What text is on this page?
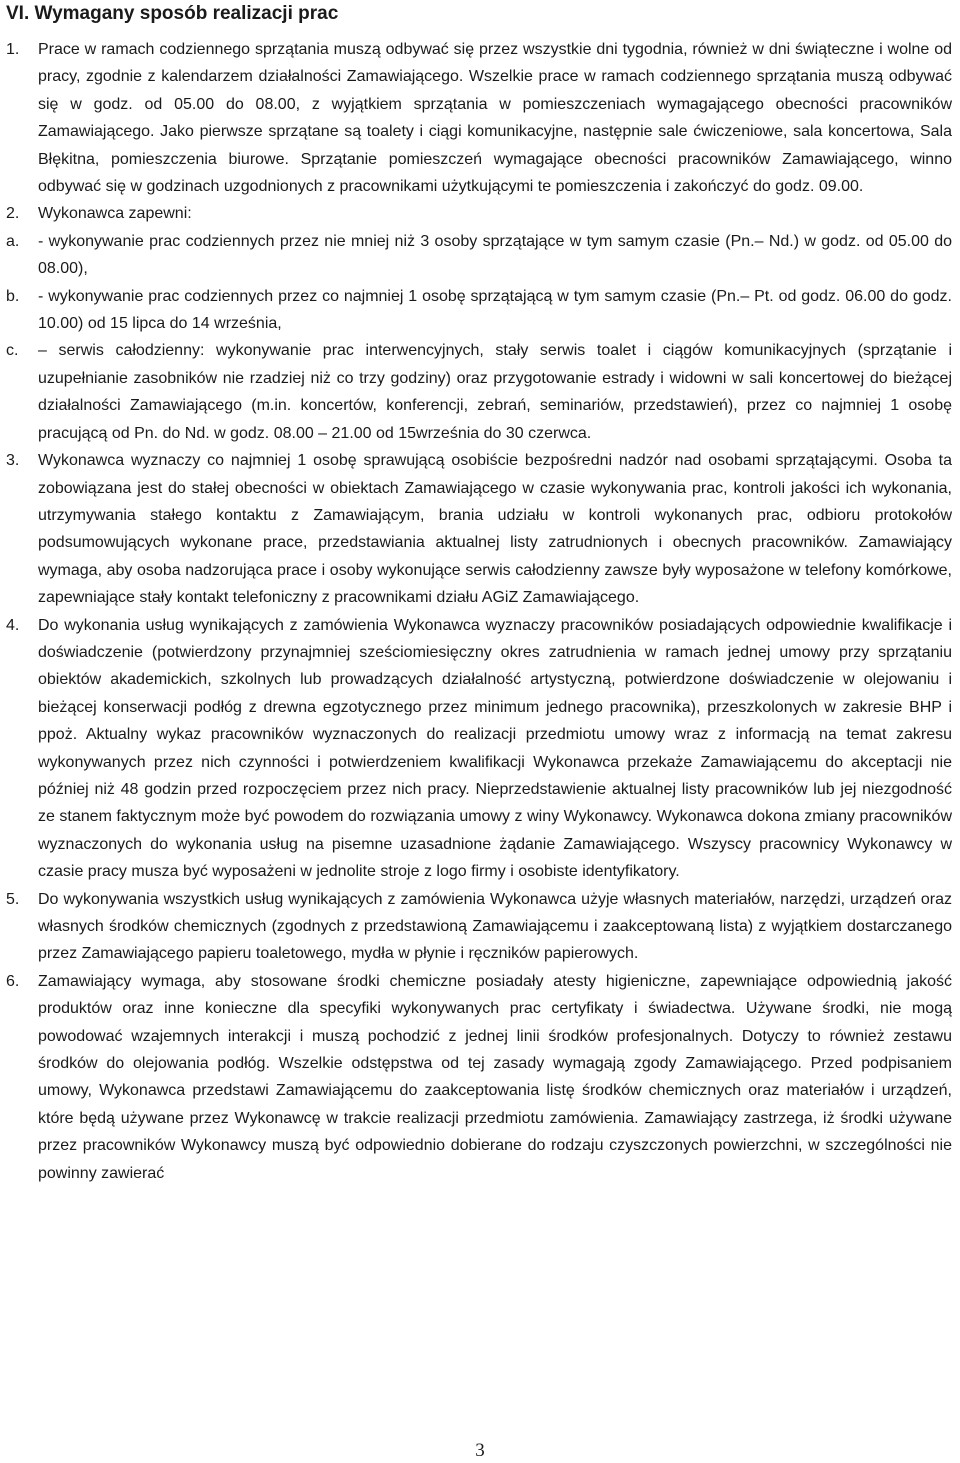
VI. Wymagany sposób realizacji prac
1.	Prace w ramach codziennego sprzątania muszą odbywać się przez wszystkie dni tygodnia, również w dni świąteczne i wolne od pracy, zgodnie z kalendarzem działalności Zamawiającego. Wszelkie prace w ramach codziennego sprzątania muszą odbywać się w godz. od 05.00 do 08.00, z wyjątkiem sprzątania w pomieszczeniach wymagającego obecności pracowników Zamawiającego. Jako pierwsze sprzątane są toalety i ciągi komunikacyjne, następnie sale ćwiczeniowe, sala koncertowa, Sala Błękitna, pomieszczenia biurowe. Sprzątanie pomieszczeń wymagające obecności pracowników Zamawiającego, winno odbywać się w godzinach uzgodnionych z pracownikami użytkującymi te pomieszczenia i zakończyć do godz. 09.00.
2.	Wykonawca zapewni:
a.	- wykonywanie prac codziennych przez nie mniej niż 3 osoby sprzątające w tym samym czasie (Pn.– Nd.) w godz. od 05.00 do 08.00),
b.	- wykonywanie prac codziennych przez co najmniej 1 osobę sprzątającą w tym samym czasie (Pn.– Pt. od godz. 06.00 do godz. 10.00) od 15 lipca do 14 września,
c.	– serwis całodzienny: wykonywanie prac interwencyjnych, stały serwis toalet i ciągów komunikacyjnych (sprzątanie i uzupełnianie zasobników nie rzadziej niż co trzy godziny) oraz przygotowanie estrady i widowni w sali koncertowej do bieżącej działalności Zamawiającego (m.in. koncertów, konferencji, zebrań, seminariów, przedstawień), przez co najmniej 1 osobę pracującą od Pn. do Nd. w godz. 08.00 – 21.00 od 15września do 30 czerwca.
3.	Wykonawca wyznaczy co najmniej 1 osobę sprawującą osobiście bezpośredni nadzór nad osobami sprzątającymi. Osoba ta zobowiązana jest do stałej obecności w obiektach Zamawiającego w czasie wykonywania prac, kontroli jakości ich wykonania, utrzymywania stałego kontaktu z Zamawiającym, brania udziału w kontroli wykonanych prac, odbioru protokołów podsumowujących wykonane prace, przedstawiania aktualnej listy zatrudnionych i obecnych pracowników. Zamawiający wymaga, aby osoba nadzorująca prace i osoby wykonujące serwis całodzienny zawsze były wyposażone w telefony komórkowe, zapewniające stały kontakt telefoniczny z pracownikami działu AGiZ Zamawiającego.
4.	Do wykonania usług wynikających z zamówienia Wykonawca wyznaczy pracowników posiadających odpowiednie kwalifikacje i doświadczenie (potwierdzony przynajmniej sześciomiesięczny okres zatrudnienia w ramach jednej umowy przy sprzątaniu obiektów akademickich, szkolnych lub prowadzących działalność artystyczną, potwierdzone doświadczenie w olejowaniu i bieżącej konserwacji podłóg z drewna egzotycznego przez minimum jednego pracownika), przeszkolonych w zakresie BHP i ppoż. Aktualny wykaz pracowników wyznaczonych do realizacji przedmiotu umowy wraz z informacją na temat zakresu wykonywanych przez nich czynności i potwierdzeniem kwalifikacji Wykonawca przekaże Zamawiającemu do akceptacji nie później niż 48 godzin przed rozpoczęciem przez nich pracy. Nieprzedstawienie aktualnej listy pracowników lub jej niezgodność ze stanem faktycznym może być powodem do rozwiązania umowy z winy Wykonawcy. Wykonawca dokona zmiany pracowników wyznaczonych do wykonania usług na pisemne uzasadnione żądanie Zamawiającego. Wszyscy pracownicy Wykonawcy w czasie pracy musza być wyposażeni w jednolite stroje z logo firmy i osobiste identyfikatory.
5.	Do wykonywania wszystkich usług wynikających z zamówienia Wykonawca użyje własnych materiałów, narzędzi, urządzeń oraz własnych środków chemicznych (zgodnych z przedstawioną Zamawiającemu i zaakceptowaną lista) z wyjątkiem dostarczanego przez Zamawiającego papieru toaletowego, mydła w płynie i ręczników papierowych.
6.	Zamawiający wymaga, aby stosowane środki chemiczne posiadały atesty higieniczne, zapewniające odpowiednią jakość produktów oraz inne konieczne dla specyfiki wykonywanych prac certyfikaty i świadectwa. Używane środki, nie mogą powodować wzajemnych interakcji i muszą pochodzić z jednej linii środków profesjonalnych. Dotyczy to również zestawu środków do olejowania podłóg. Wszelkie odstępstwa od tej zasady wymagają zgody Zamawiającego. Przed podpisaniem umowy, Wykonawca przedstawi Zamawiającemu do zaakceptowania listę środków chemicznych oraz materiałów i urządzeń, które będą używane przez Wykonawcę w trakcie realizacji przedmiotu zamówienia. Zamawiający zastrzega, iż środki używane przez pracowników Wykonawcy muszą być odpowiednio dobierane do rodzaju czyszczonych powierzchni, w szczególności nie powinny zawierać
3
